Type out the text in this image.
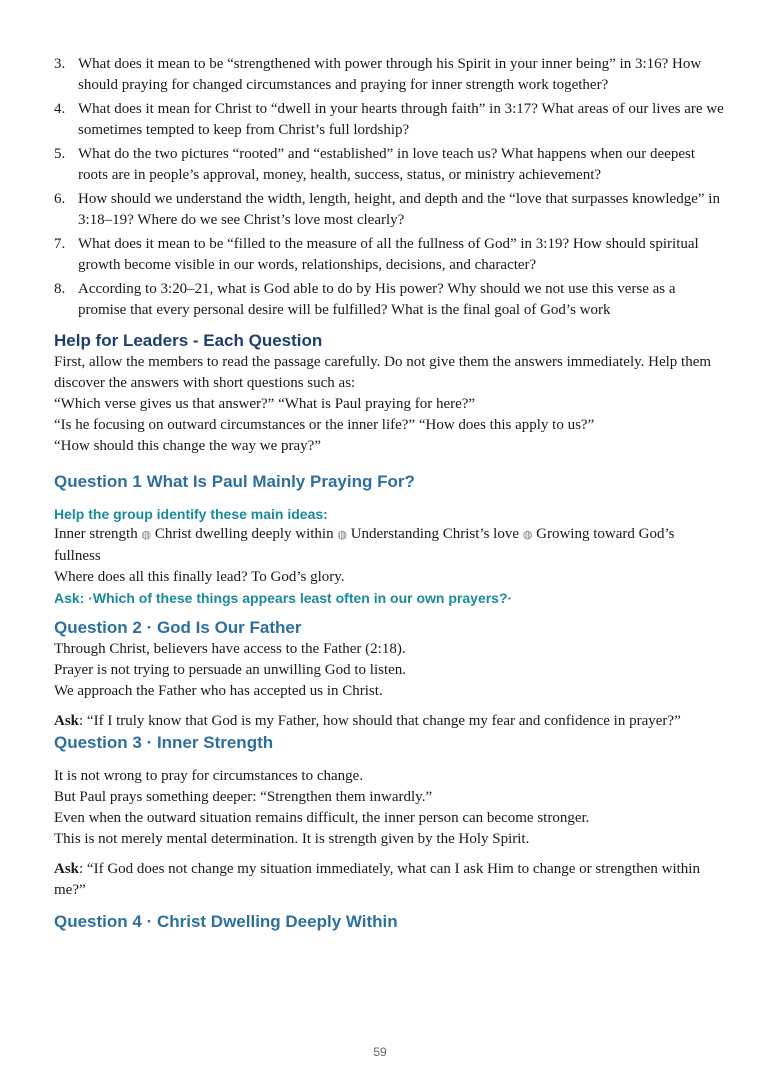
3. What does it mean to be “strengthened with power through his Spirit in your inner being” in 3:16? How should praying for changed circumstances and praying for inner strength work together?
4. What does it mean for Christ to “dwell in your hearts through faith” in 3:17? What areas of our lives are we sometimes tempted to keep from Christ’s full lordship?
5. What do the two pictures “rooted” and “established” in love teach us? What happens when our deepest roots are in people’s approval, money, health, success, status, or ministry achievement?
6. How should we understand the width, length, height, and depth and the “love that surpasses knowledge” in 3:18–19? Where do we see Christ’s love most clearly?
7. What does it mean to be “filled to the measure of all the fullness of God” in 3:19? How should spiritual growth become visible in our words, relationships, decisions, and character?
8. According to 3:20–21, what is God able to do by His power? Why should we not use this verse as a promise that every personal desire will be fulfilled? What is the final goal of God’s work
Help for Leaders - Each Question

First, allow the members to read the passage carefully. Do not give them the answers immediately. Help them discover the answers with short questions such as:

“Which verse gives us that answer?” “What is Paul praying for here?”

“Is he focusing on outward circumstances or the inner life?” “How does this apply to us?”

“How should this change the way we pray?”

Question 1 What Is Paul Mainly Praying For?
Help the group identify these main ideas:

Inner strength ◍ Christ dwelling deeply within ◍ Understanding Christ’s love ◍ Growing toward God’s fullness

Where does all this finally lead? To God’s glory.

Ask: ·Which of these things appears least often in our own prayers?·
Question 2 · God Is Our Father

Through Christ, believers have access to the Father (2:18).

Prayer is not trying to persuade an unwilling God to listen.

We approach the Father who has accepted us in Christ.

Ask: “If I truly know that God is my Father, how should that change my fear and confidence in prayer?”

Question 3 · Inner Strength

It is not wrong to pray for circumstances to change.

But Paul prays something deeper: “Strengthen them inwardly.”

Even when the outward situation remains difficult, the inner person can become stronger.

This is not merely mental determination. It is strength given by the Holy Spirit.

Ask: “If God does not change my situation immediately, what can I ask Him to change or strengthen within me?”

Question 4 · Christ Dwelling Deeply Within
59
